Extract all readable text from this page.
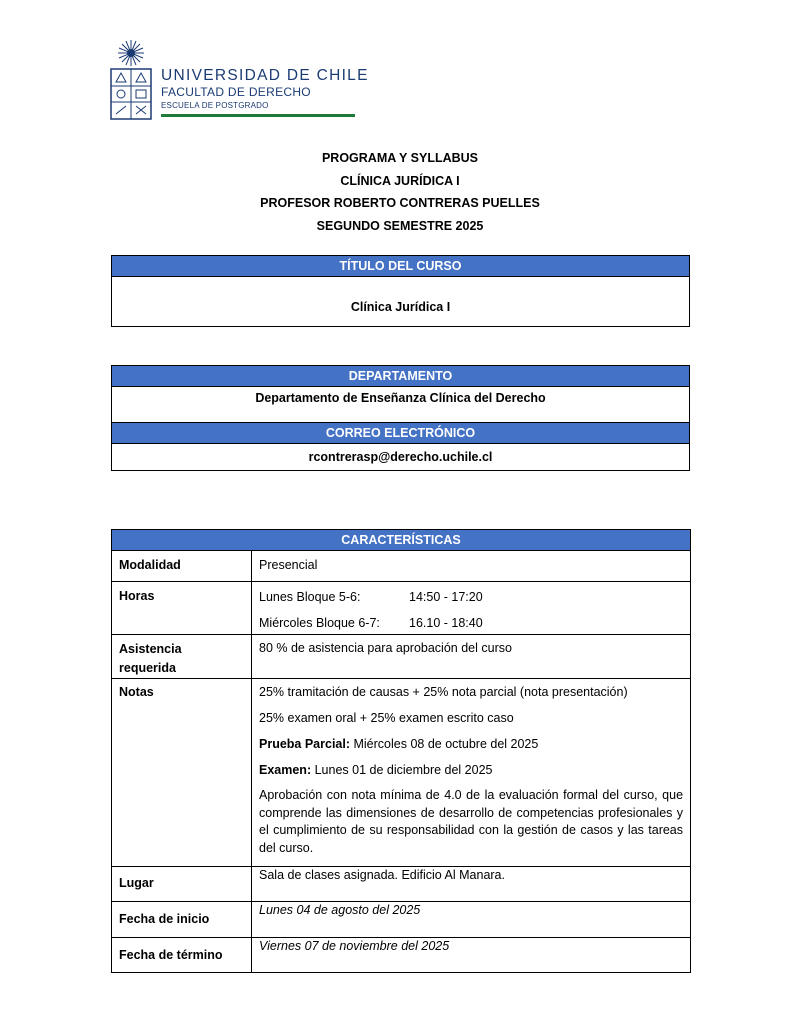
UNIVERSIDAD DE CHILE
FACULTAD DE DERECHO
ESCUELA DE POSTGRADO
PROGRAMA Y SYLLABUS
CLÍNICA JURÍDICA I
PROFESOR ROBERTO CONTRERAS PUELLES
SEGUNDO SEMESTRE 2025
TÍTULO DEL CURSO
Clínica Jurídica I
DEPARTAMENTO
Departamento de Enseñanza Clínica del Derecho
CORREO ELECTRÓNICO
rcontrerasp@derecho.uchile.cl
CARACTERÍSTICAS	
Modalidad	Presencial
Horas	Lunes Bloque 5-6: 14:50 - 17:20
Miércoles Bloque 6-7: 16.10 - 18:40

Asistencia
requerida	80 % de asistencia para aprobación del curso
Notas	25% tramitación de causas + 25% nota parcial (nota presentación)
25% examen oral + 25% examen escrito caso
Prueba Parcial: Miércoles 08 de octubre del 2025
Examen: Lunes 01 de diciembre del 2025
Aprobación con nota mínima de 4.0 de la evaluación formal del curso, que comprende las dimensiones de desarrollo de competencias profesionales y el cumplimiento de su responsabilidad con la gestión de casos y las tareas del curso.

Lugar	Sala de clases asignada. Edificio Al Manara.
Fecha de inicio	Lunes 04 de agosto del 2025
Fecha de término	Viernes 07 de noviembre del 2025
